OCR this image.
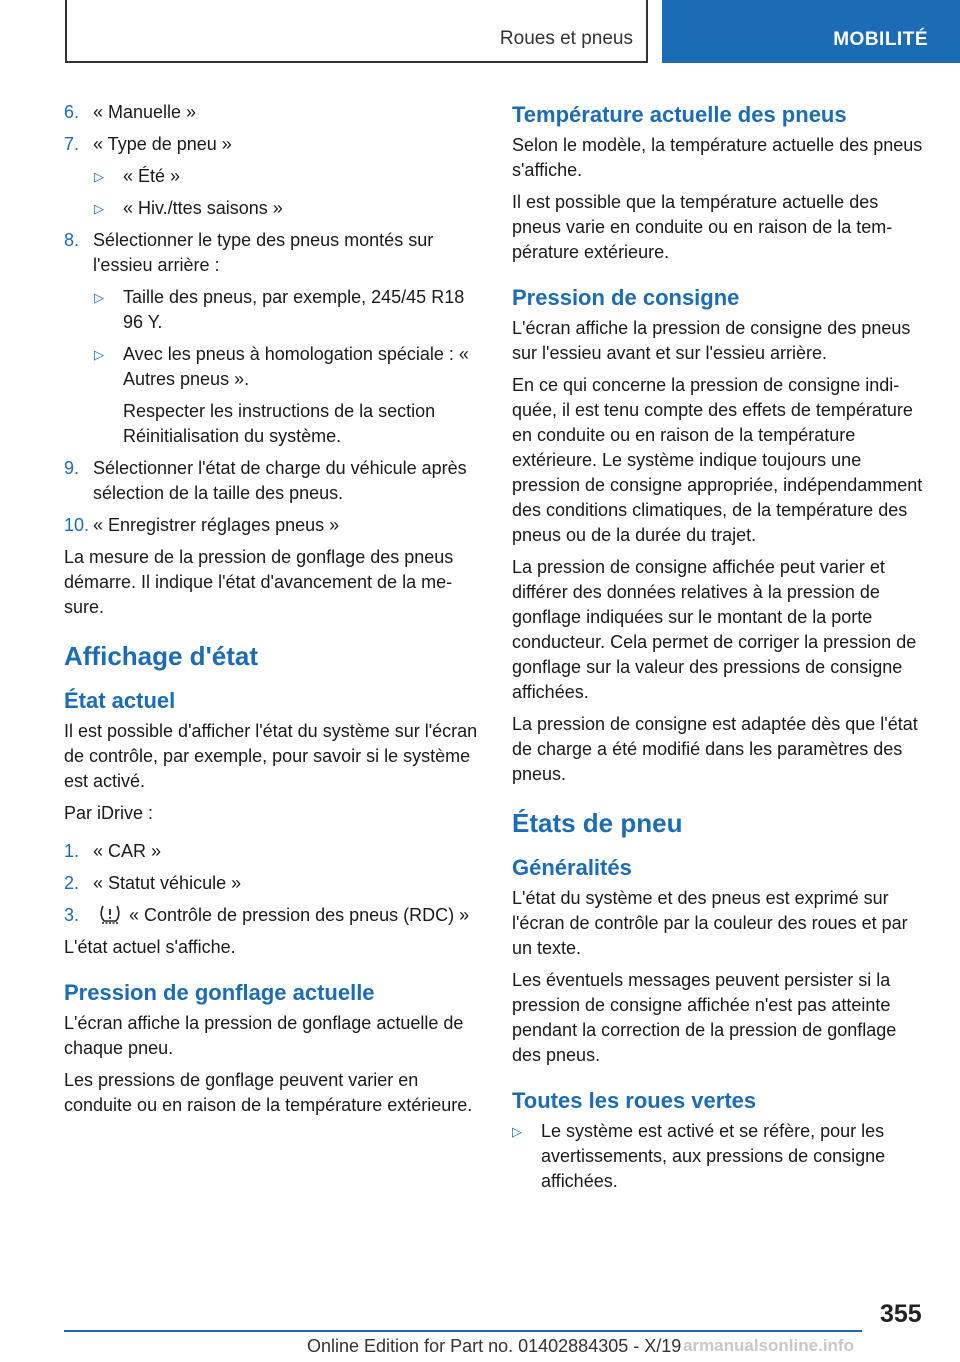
Roues et pneus	MOBILITÉ
6. « Manuelle »
7. « Type de pneu »
▷	« Été »
▷	« Hiv./ttes saisons »
8. Sélectionner le type des pneus montés sur l'essieu arrière :
▷	Taille des pneus, par exemple, 245/45 R18 96 Y.
▷	Avec les pneus à homologation spéciale : « Autres pneus ».

Respecter les instructions de la section Réinitialisation du système.

9. Sélectionner l'état de charge du véhicule après sélection de la taille des pneus.
10. « Enregistrer réglages pneus »

La mesure de la pression de gonflage des pneus démarre. Il indique l'état d'avancement de la mesure.

Affichage d'état
État actuel

Il est possible d'afficher l'état du système sur l'écran de contrôle, par exemple, pour savoir si le système est activé.

Par iDrive :

1. « CAR »
2. « Statut véhicule »
3.	« Contrôle de pression des pneus (RDC) »

L'état actuel s'affiche.

Pression de gonflage actuelle

L'écran affiche la pression de gonflage actuelle de chaque pneu.

Les pressions de gonflage peuvent varier en conduite ou en raison de la température extérieure.

Température actuelle des pneus

Selon le modèle, la température actuelle des pneus s'affiche.

Il est possible que la température actuelle des pneus varie en conduite ou en raison de la température extérieure.

Pression de consigne

L'écran affiche la pression de consigne des pneus sur l'essieu avant et sur l'essieu arrière.

En ce qui concerne la pression de consigne indiquée, il est tenu compte des effets de température en conduite ou en raison de la température extérieure. Le système indique toujours une pression de consigne appropriée, indépendamment des conditions climatiques, de la température des pneus ou de la durée du trajet.

La pression de consigne affichée peut varier et différer des données relatives à la pression de gonflage indiquées sur le montant de la porte conducteur. Cela permet de corriger la pression de gonflage sur la valeur des pressions de consigne affichées.

La pression de consigne est adaptée dès que l'état de charge a été modifié dans les paramètres des pneus.

États de pneu
Généralités

L'état du système et des pneus est exprimé sur l'écran de contrôle par la couleur des roues et par un texte.

Les éventuels messages peuvent persister si la pression de consigne affichée n'est pas atteinte pendant la correction de la pression de gonflage des pneus.

Toutes les roues vertes
▷	Le système est activé et se réfère, pour les avertissements, aux pressions de consigne affichées.
355
Online Edition for Part no. 01402884305 - X/19 armanualsonline.info
